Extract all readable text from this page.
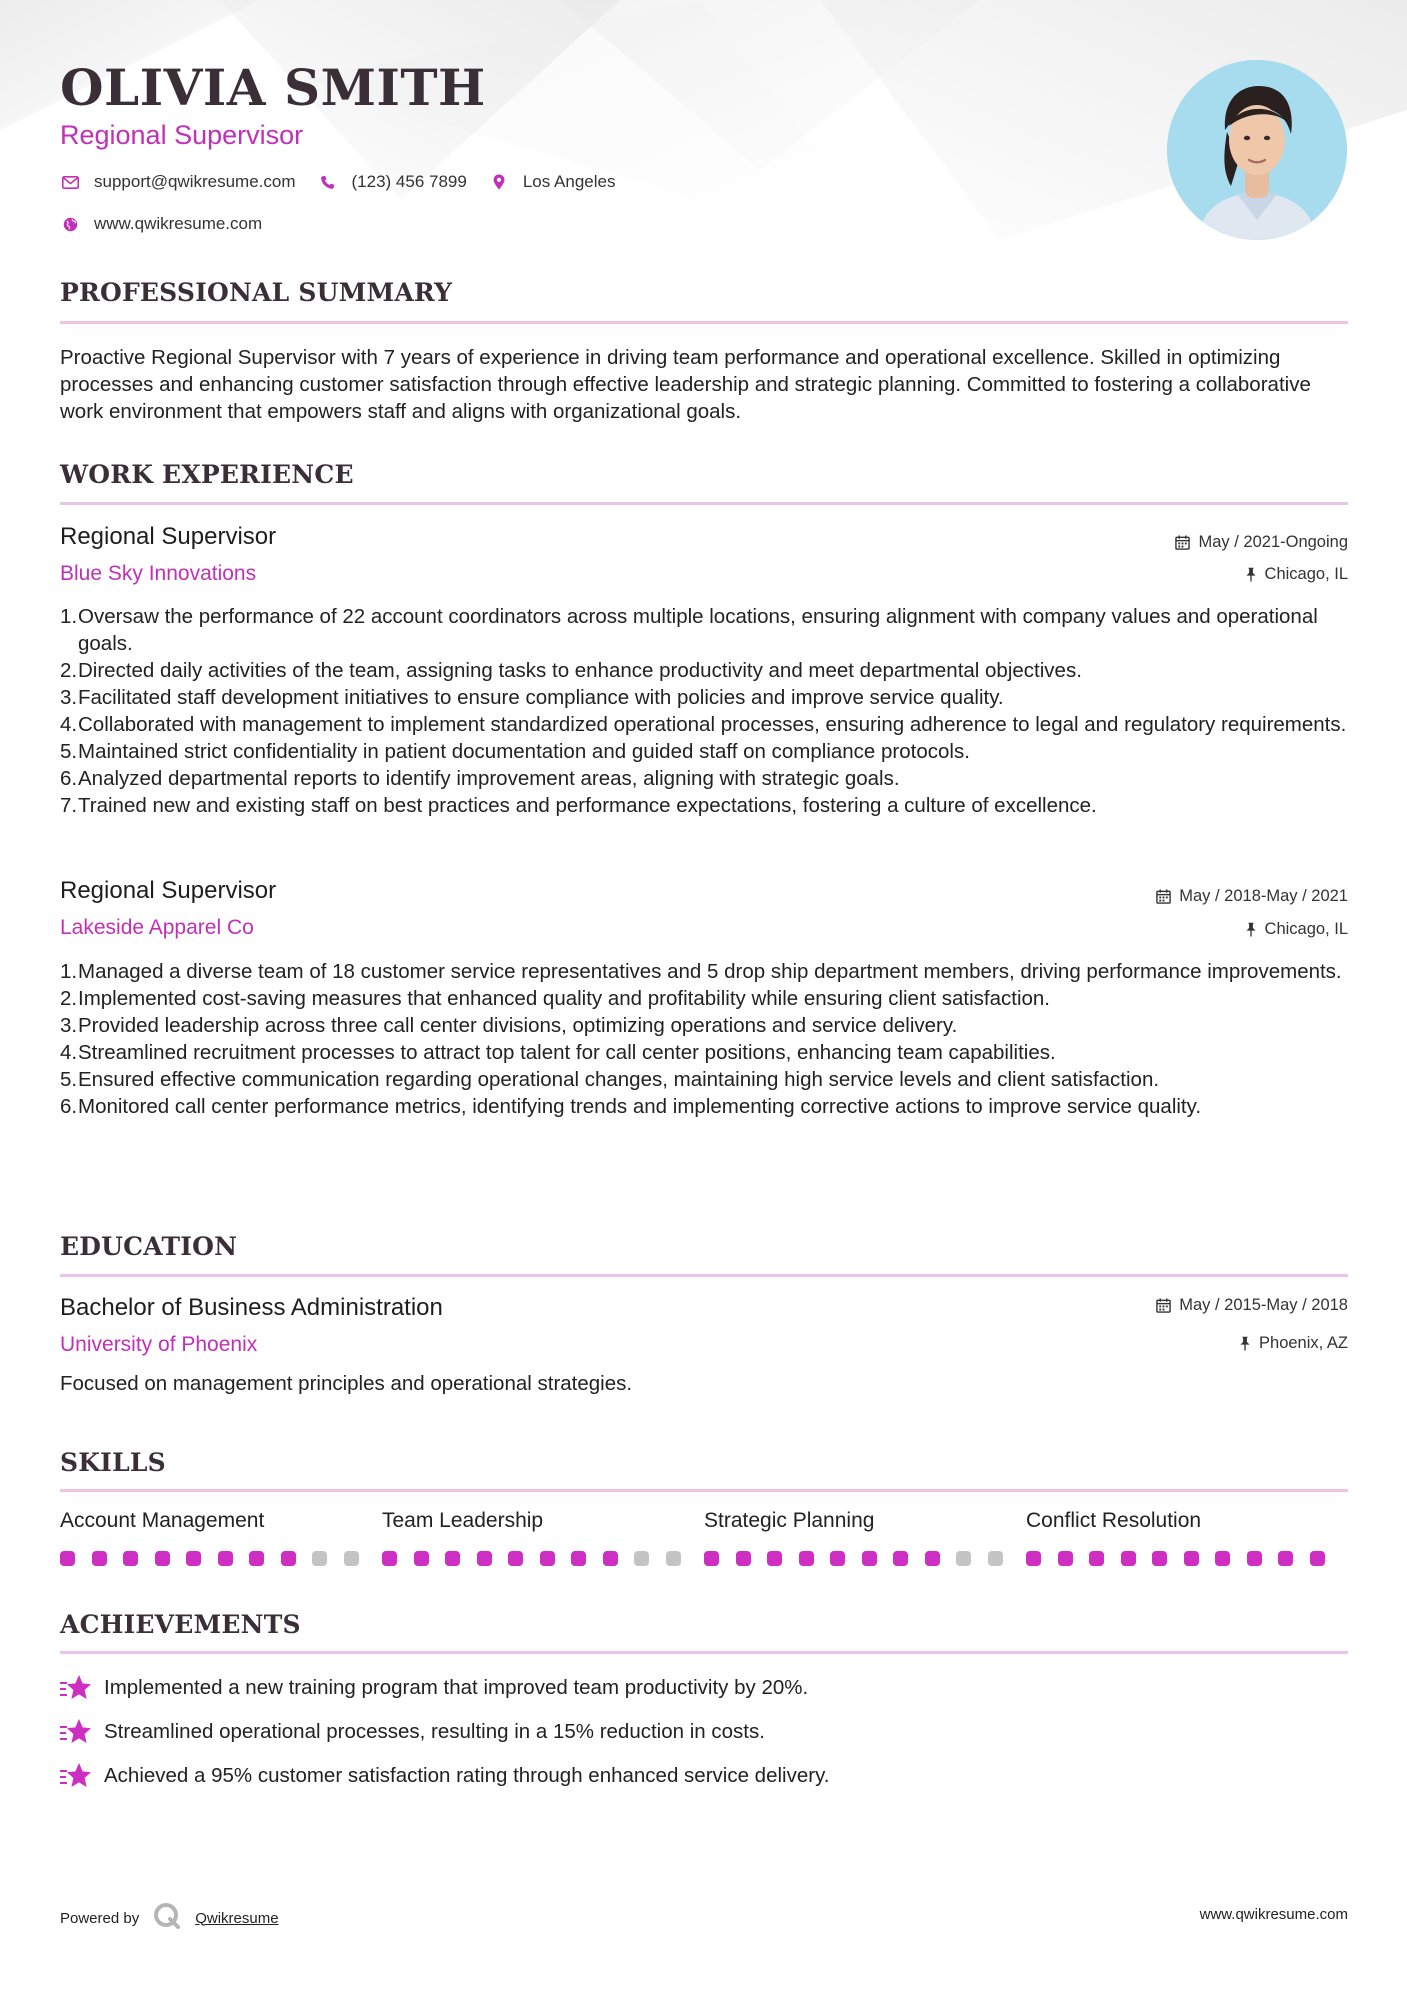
OLIVIA SMITH
Regional Supervisor
support@qwikresume.com	(123) 456 7899	Los Angeles
www.qwikresume.com
PROFESSIONAL SUMMARY
Proactive Regional Supervisor with 7 years of experience in driving team performance and operational excellence. Skilled in optimizing processes and enhancing customer satisfaction through effective leadership and strategic planning. Committed to fostering a collaborative work environment that empowers staff and aligns with organizational goals.
WORK EXPERIENCE
Regional Supervisor
Blue Sky Innovations
May / 2021-Ongoing
Chicago, IL
1. Oversaw the performance of 22 account coordinators across multiple locations, ensuring alignment with company values and operational goals.
2. Directed daily activities of the team, assigning tasks to enhance productivity and meet departmental objectives.
3. Facilitated staff development initiatives to ensure compliance with policies and improve service quality.
4. Collaborated with management to implement standardized operational processes, ensuring adherence to legal and regulatory requirements.
5. Maintained strict confidentiality in patient documentation and guided staff on compliance protocols.
6. Analyzed departmental reports to identify improvement areas, aligning with strategic goals.
7. Trained new and existing staff on best practices and performance expectations, fostering a culture of excellence.
Regional Supervisor
Lakeside Apparel Co
May / 2018-May / 2021
Chicago, IL
1. Managed a diverse team of 18 customer service representatives and 5 drop ship department members, driving performance improvements.
2. Implemented cost-saving measures that enhanced quality and profitability while ensuring client satisfaction.
3. Provided leadership across three call center divisions, optimizing operations and service delivery.
4. Streamlined recruitment processes to attract top talent for call center positions, enhancing team capabilities.
5. Ensured effective communication regarding operational changes, maintaining high service levels and client satisfaction.
6. Monitored call center performance metrics, identifying trends and implementing corrective actions to improve service quality.
EDUCATION
Bachelor of Business Administration
University of Phoenix
May / 2015-May / 2018
Phoenix, AZ
Focused on management principles and operational strategies.
SKILLS
Account Management	Team Leadership	Strategic Planning	Conflict Resolution
ACHIEVEMENTS
Implemented a new training program that improved team productivity by 20%.
Streamlined operational processes, resulting in a 15% reduction in costs.
Achieved a 95% customer satisfaction rating through enhanced service delivery.
Powered by	Qwikresume	www.qwikresume.com
